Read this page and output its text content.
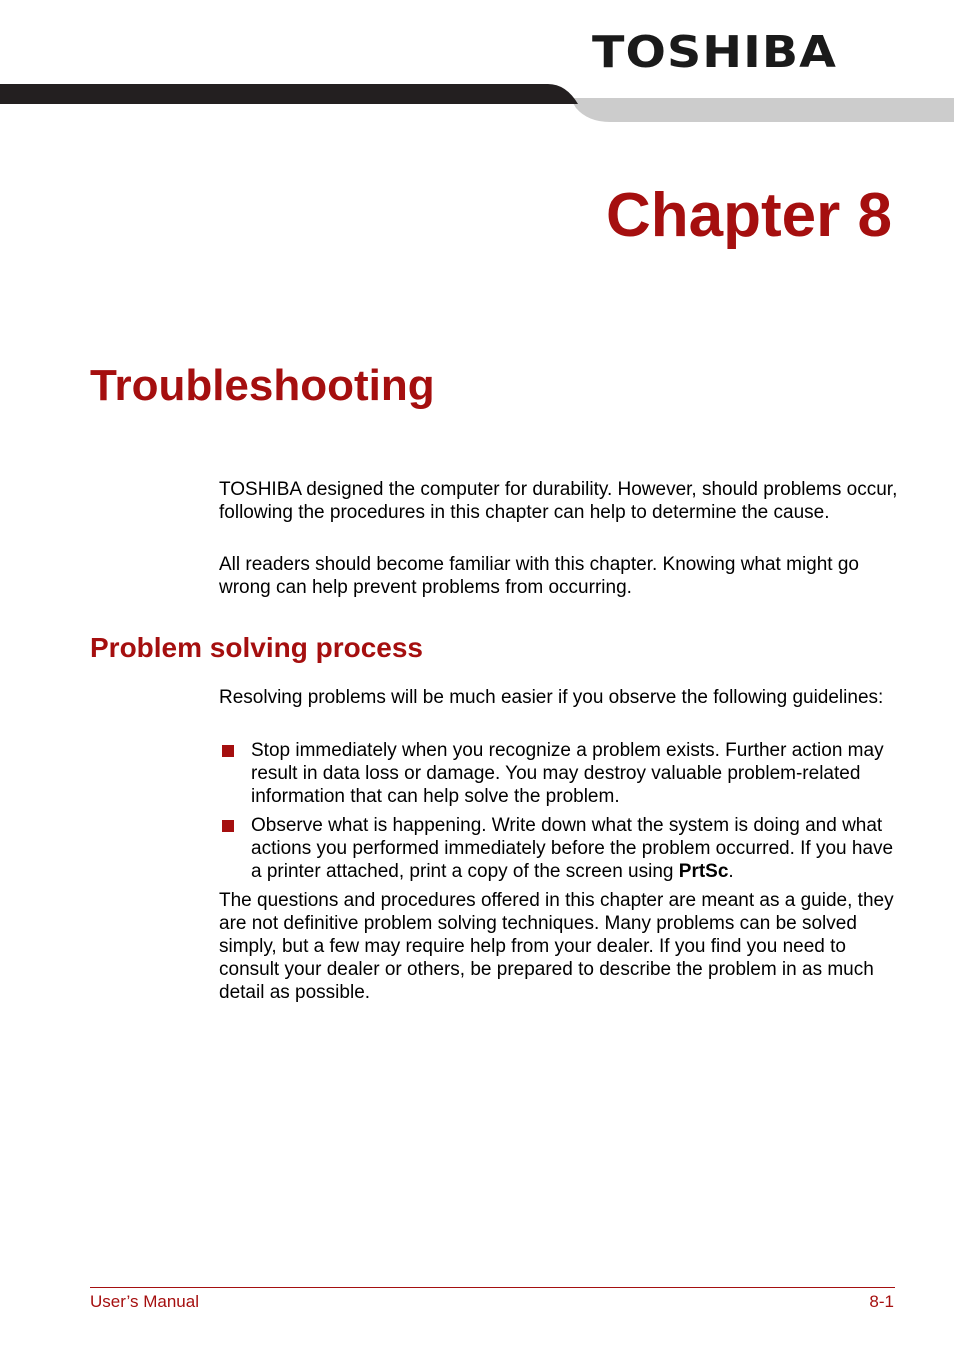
TOSHIBA
Chapter 8
Troubleshooting

TOSHIBA designed the computer for durability. However, should problems occur, following the procedures in this chapter can help to determine the cause.

All readers should become familiar with this chapter. Knowing what might go wrong can help prevent problems from occurring.

Problem solving process

Resolving problems will be much easier if you observe the following guidelines:

Stop immediately when you recognize a problem exists. Further action may result in data loss or damage. You may destroy valuable problem-related information that can help solve the problem.
Observe what is happening. Write down what the system is doing and what actions you performed immediately before the problem occurred. If you have a printer attached, print a copy of the screen using PrtSc.

The questions and procedures offered in this chapter are meant as a guide, they are not definitive problem solving techniques. Many problems can be solved simply, but a few may require help from your dealer. If you find you need to consult your dealer or others, be prepared to describe the problem in as much detail as possible.

User’s Manual	8-1
